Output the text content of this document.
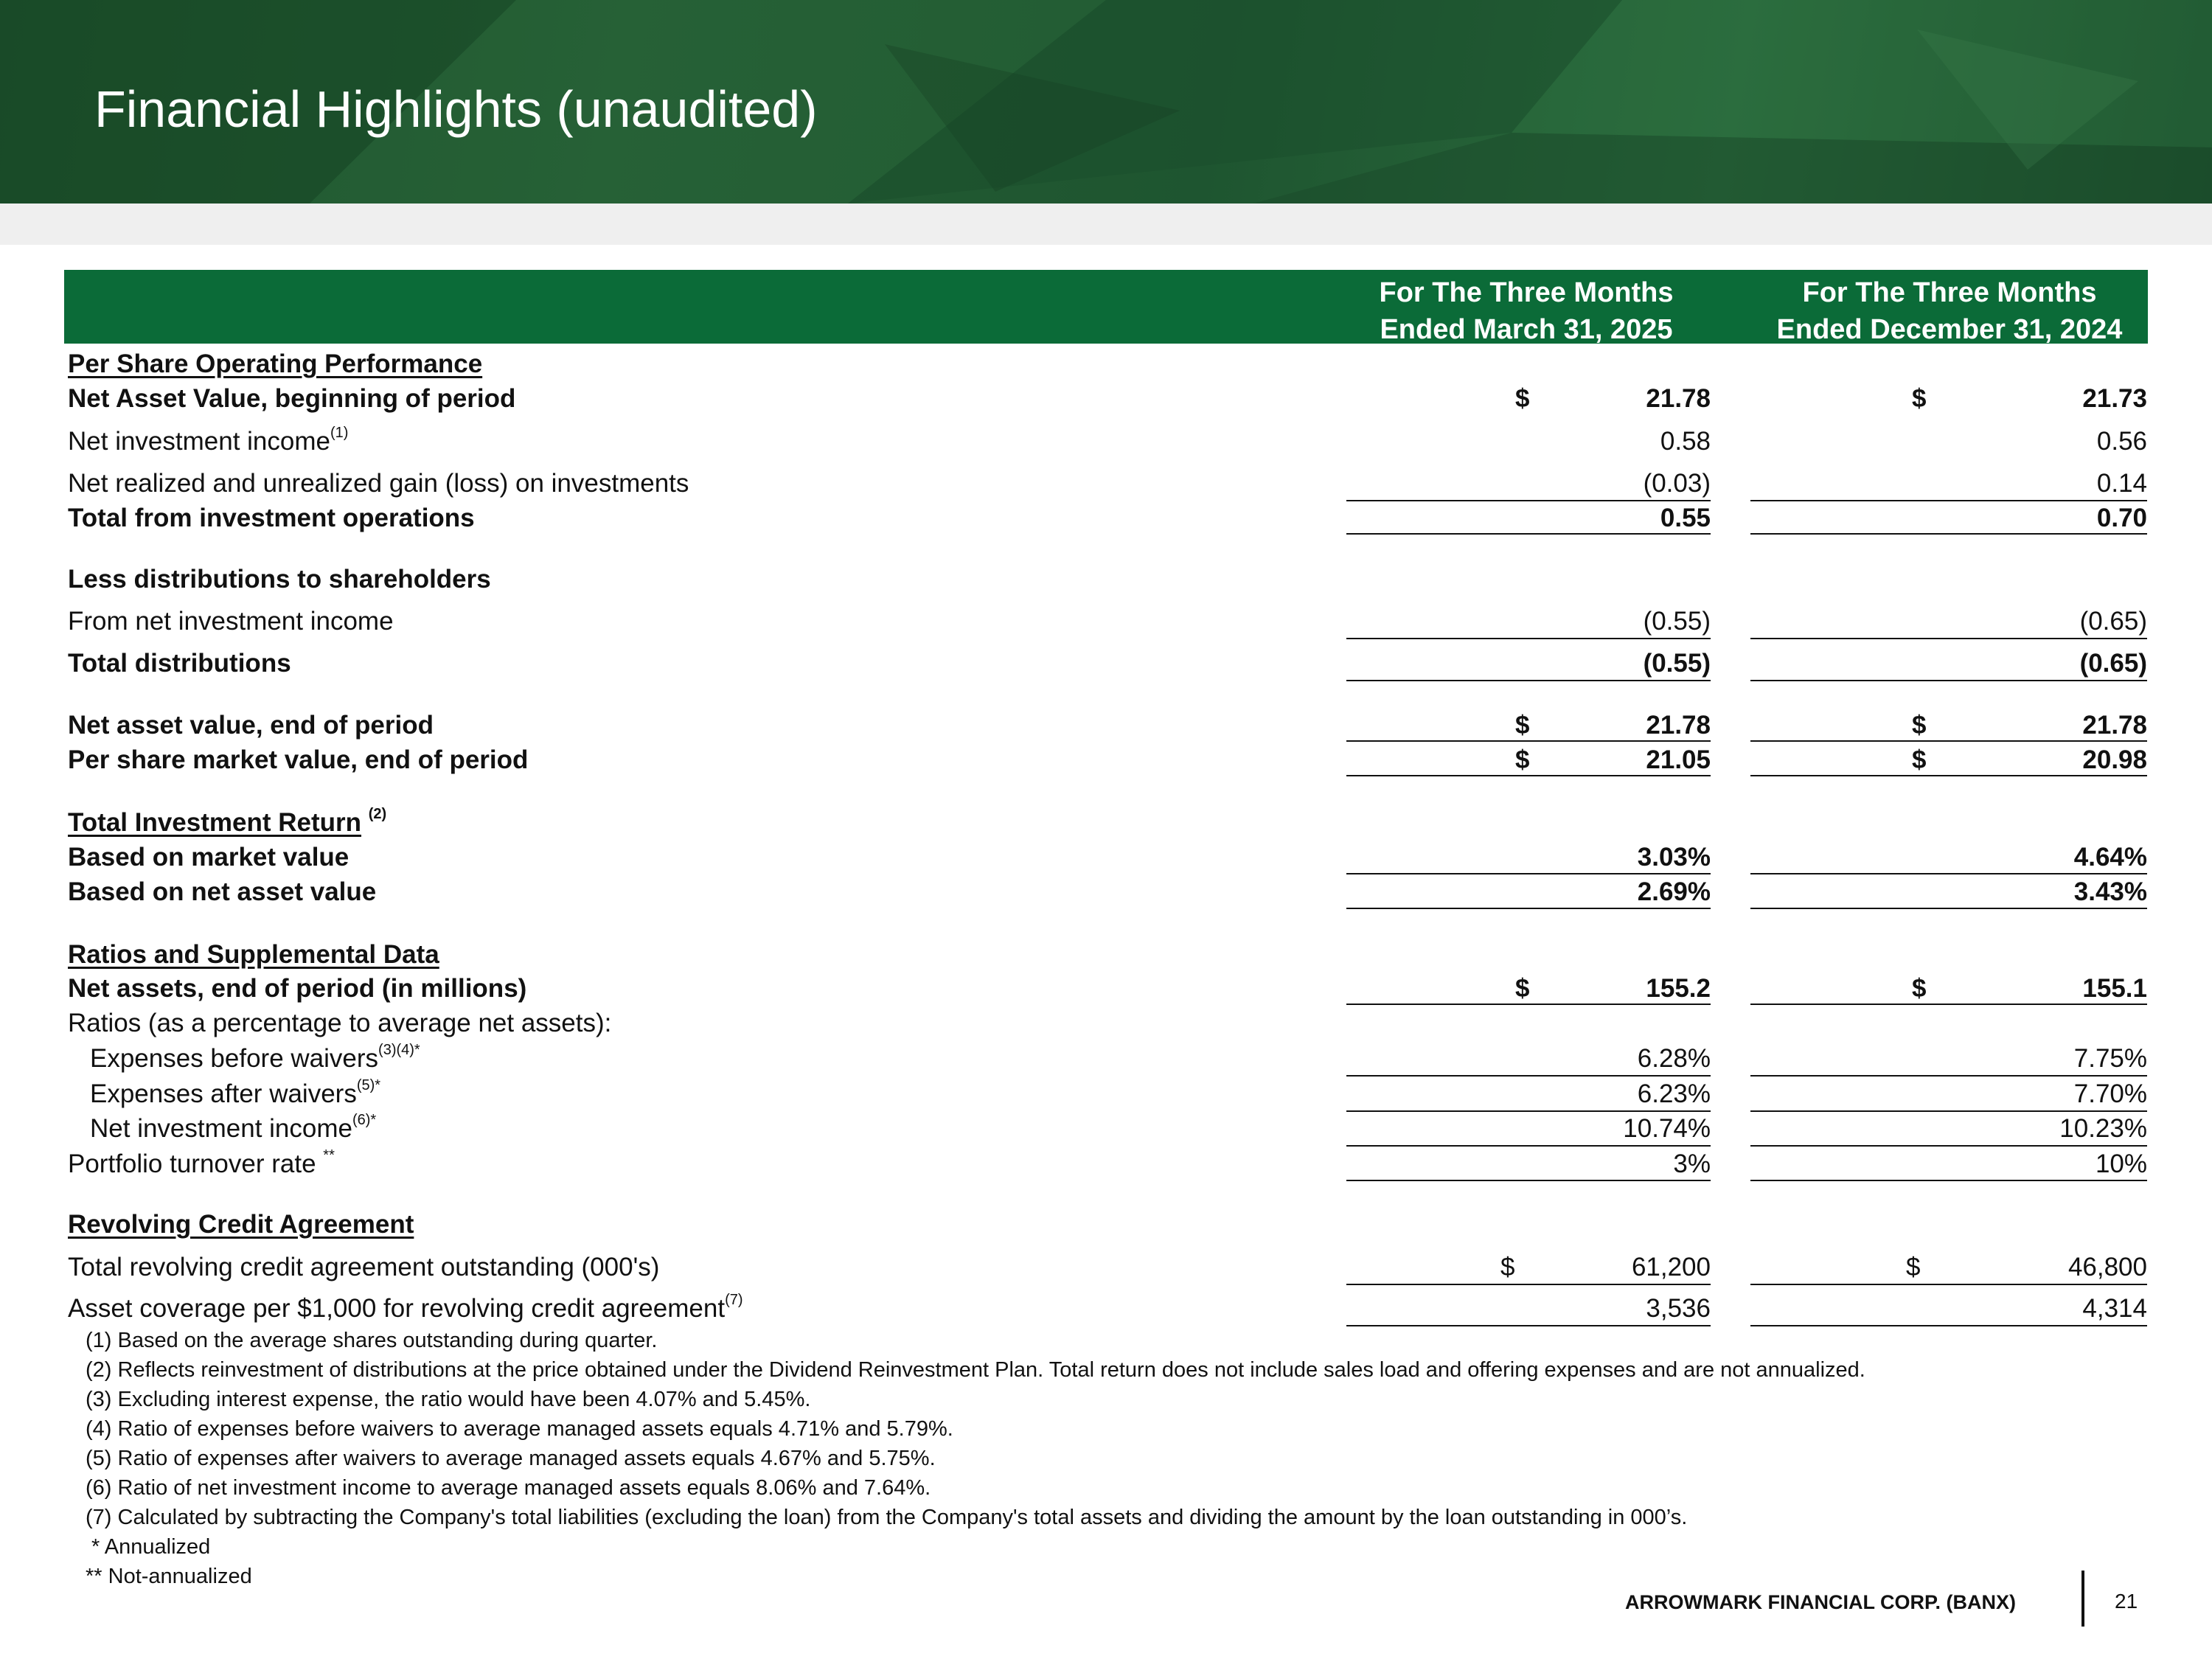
Financial Highlights (unaudited)
For The Three Months
Ended March 31, 2025
For The Three Months
Ended December 31, 2024
Per Share Operating Performance
Net Asset Value, beginning of period	$	21.78	$	21.73
Net investment income$^{(1)}$	0.58	0.56
Net realized and unrealized gain (loss) on investments	(0.03)	0.14
Total from investment operations	0.55	0.70
Less distributions to shareholders
From net investment income	(0.55)	(0.65)
Total distributions	(0.55)	(0.65)
Net asset value, end of period	$	21.78	$	21.78
Per share market value, end of period	$	21.05	$	20.98
Total Investment Return $^{(2)}$
Based on market value	3.03%	4.64%
Based on net asset value	2.69%	3.43%
Ratios and Supplemental Data
Net assets, end of period (in millions)	$	155.2	$	155.1
Ratios (as a percentage to average net assets):
Expenses before waivers$^{(3)(4)*}$	6.28%	7.75%
Expenses after waivers$^{(5)*}$	6.23%	7.70%
Net investment income$^{(6)*}$	10.74%	10.23%
Portfolio turnover rate **	3%	10%
Revolving Credit Agreement
Total revolving credit agreement outstanding (000's)	$	61,200	$	46,800
Asset coverage per $1,000 for revolving credit agreement$^{(7)}$	3,536	4,314
(1) Based on the average shares outstanding during quarter.
(2) Reflects reinvestment of distributions at the price obtained under the Dividend Reinvestment Plan. Total return does not include sales load and offering expenses and are not annualized.
(3) Excluding interest expense, the ratio would have been 4.07% and 5.45%.
(4) Ratio of expenses before waivers to average managed assets equals 4.71% and 5.79%.
(5) Ratio of expenses after waivers to average managed assets equals 4.67% and 5.75%.
(6) Ratio of net investment income to average managed assets equals 8.06% and 7.64%.
(7) Calculated by subtracting the Company's total liabilities (excluding the loan) from the Company's total assets and dividing the amount by the loan outstanding in 000’s.
* Annualized
** Not-annualized
ARROWMARK FINANCIAL CORP. (BANX)	21
